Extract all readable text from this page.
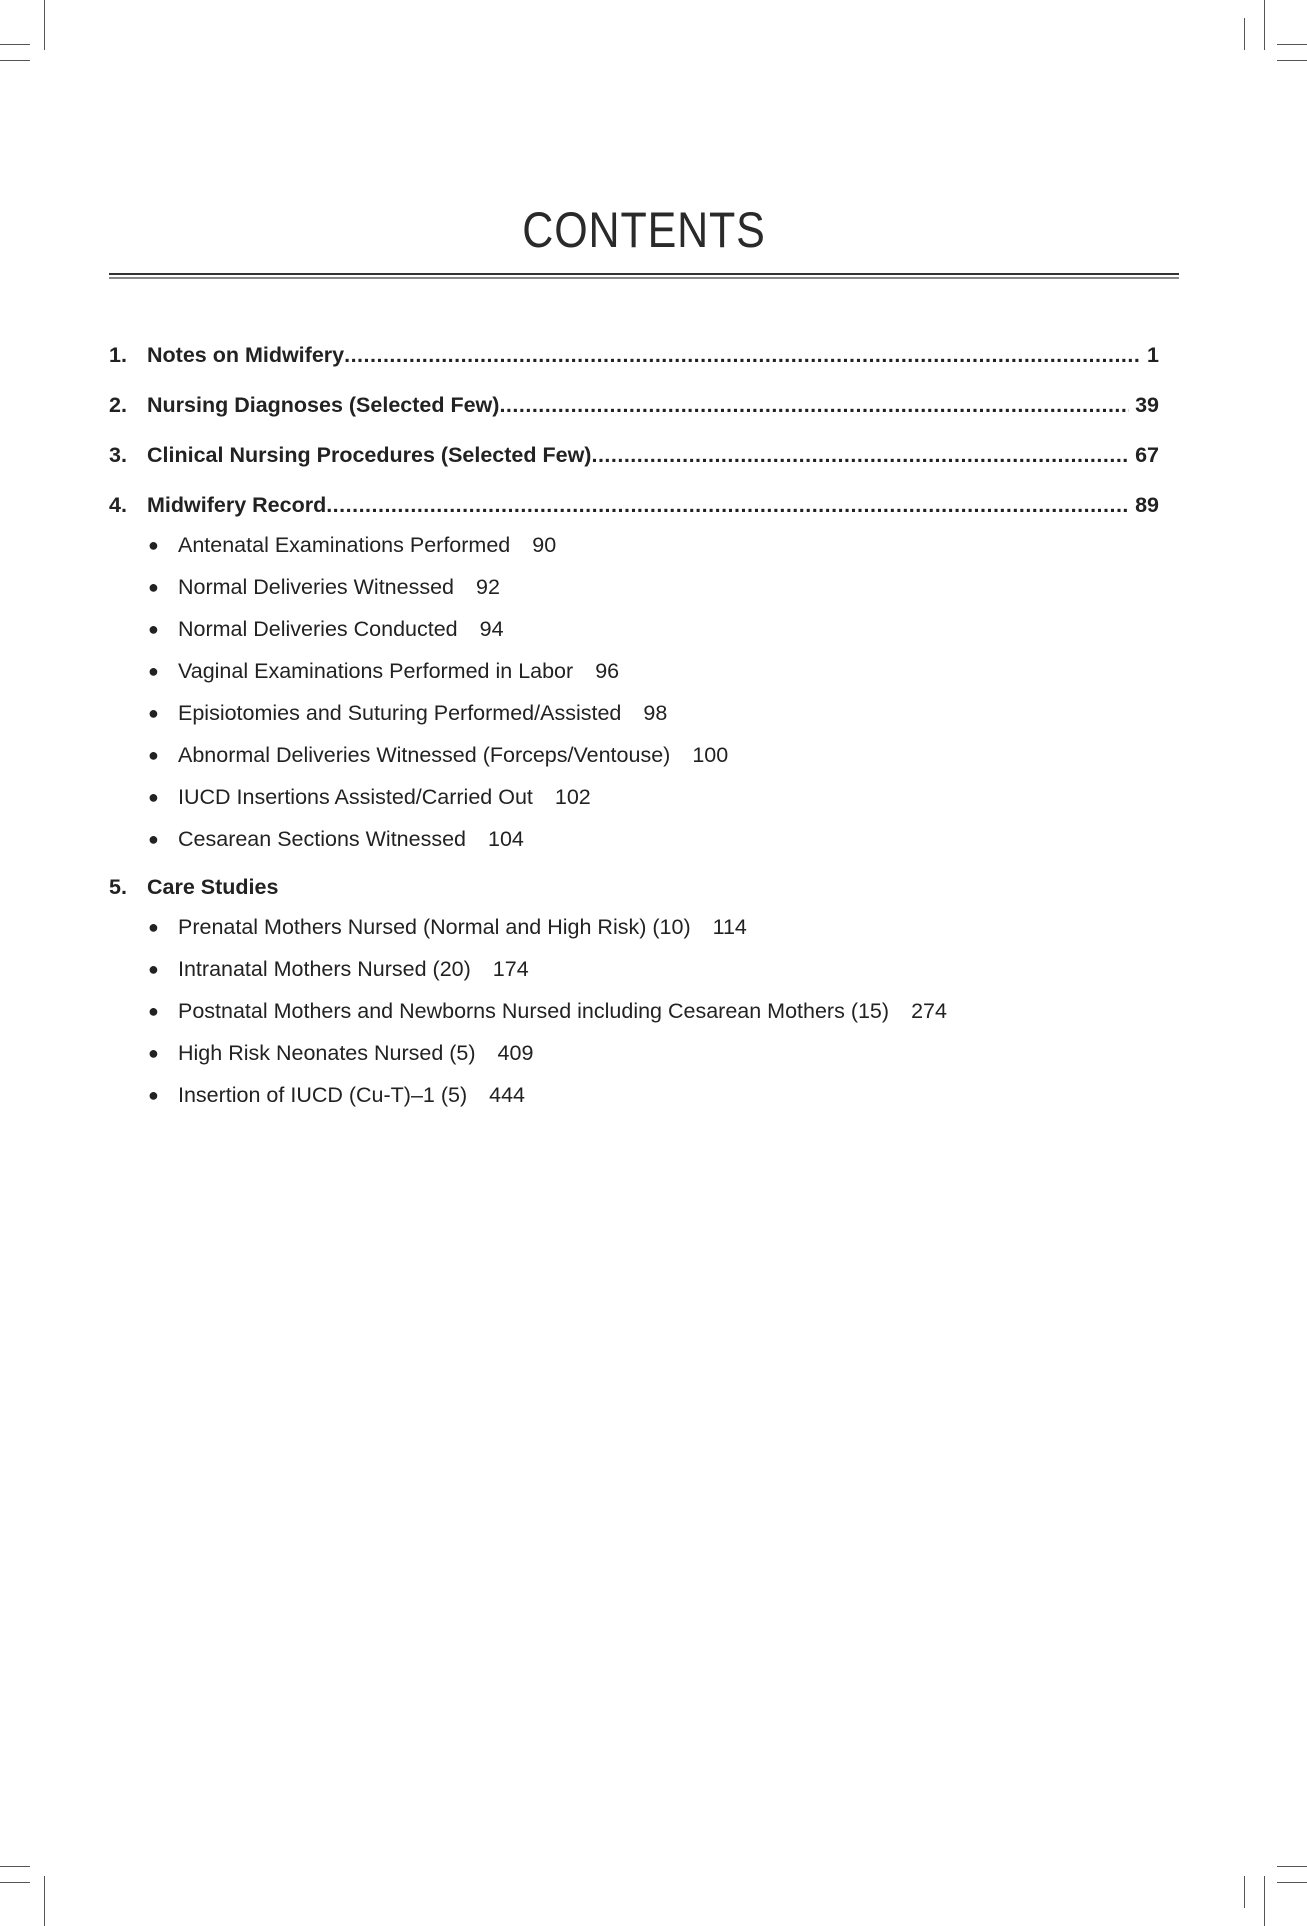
CONTENTS
1. Notes on Midwifery .....	1
2. Nursing Diagnoses (Selected Few) .....	39
3. Clinical Nursing Procedures (Selected Few) .....	67
4. Midwifery Record .....	89
● Antenatal Examinations Performed 90
● Normal Deliveries Witnessed 92
● Normal Deliveries Conducted 94
● Vaginal Examinations Performed in Labor 96
● Episiotomies and Suturing Performed/Assisted 98
● Abnormal Deliveries Witnessed (Forceps/Ventouse) 100
● IUCD Insertions Assisted/Carried Out 102
● Cesarean Sections Witnessed 104
5. Care Studies
● Prenatal Mothers Nursed (Normal and High Risk) (10) 114
● Intranatal Mothers Nursed (20) 174
● Postnatal Mothers and Newborns Nursed including Cesarean Mothers (15) 274
● High Risk Neonates Nursed (5) 409
● Insertion of IUCD (Cu-T)–1 (5) 444
